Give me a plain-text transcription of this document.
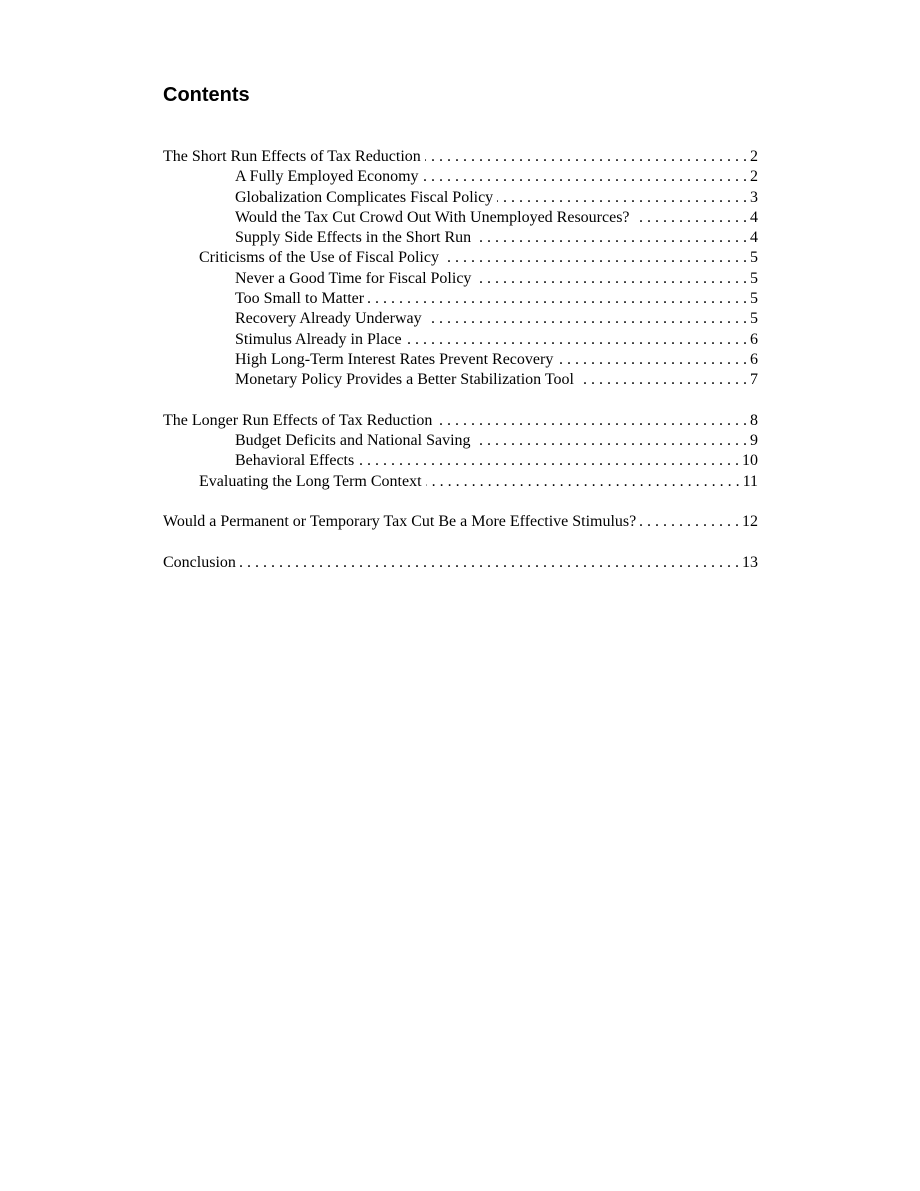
Contents
The Short Run Effects of Tax Reduction . . .	2
A Fully Employed Economy . . .	2
Globalization Complicates Fiscal Policy . . .	3
Would the Tax Cut Crowd Out With Unemployed Resources? . . .	4
Supply Side Effects in the Short Run . . .	4
Criticisms of the Use of Fiscal Policy . . .	5
Never a Good Time for Fiscal Policy . . .	5
Too Small to Matter . . .	5
Recovery Already Underway . . .	5
Stimulus Already in Place . . .	6
High Long-Term Interest Rates Prevent Recovery . . .	6
Monetary Policy Provides a Better Stabilization Tool . . .	7
The Longer Run Effects of Tax Reduction . . .	8
Budget Deficits and National Saving . . .	9
Behavioral Effects . . .	10
Evaluating the Long Term Context . . .	11
Would a Permanent or Temporary Tax Cut Be a More Effective Stimulus? . . .	12
Conclusion . . .	13
